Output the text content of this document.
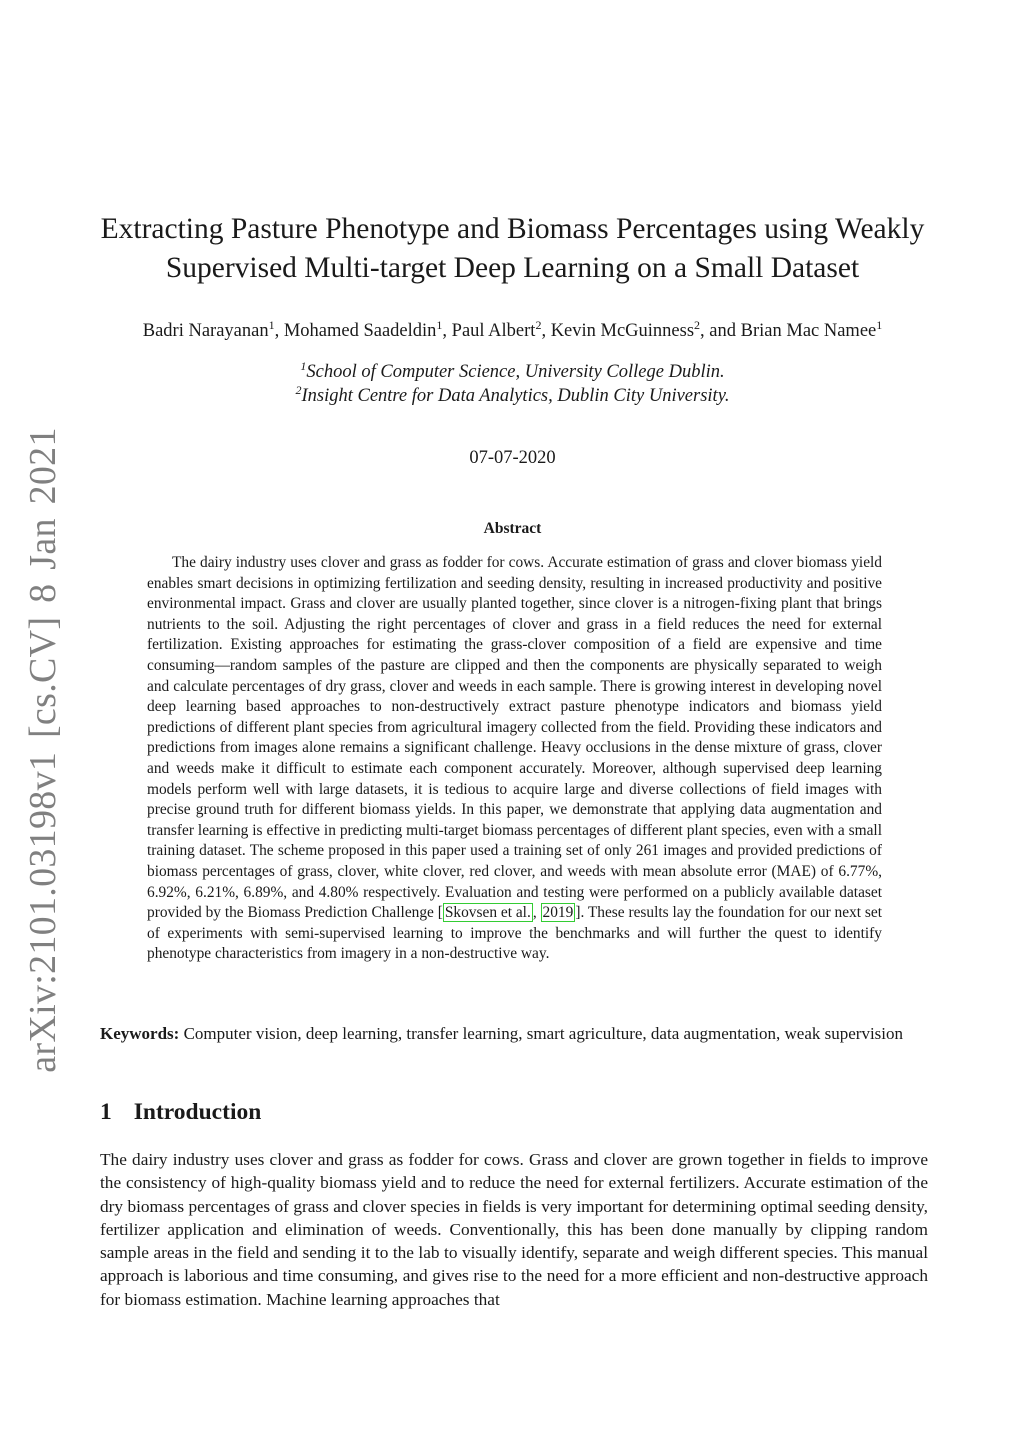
arXiv:2101.03198v1 [cs.CV] 8 Jan 2021
Extracting Pasture Phenotype and Biomass Percentages using Weakly Supervised Multi-target Deep Learning on a Small Dataset

Badri Narayanan$^1$, Mohamed Saadeldin$^1$, Paul Albert$^2$, Kevin McGuinness$^2$, and Brian Mac Namee$^1$

$^1$School of Computer Science, University College Dublin.

$^2$Insight Centre for Data Analytics, Dublin City University.

07-07-2020

Abstract

The dairy industry uses clover and grass as fodder for cows. Accurate estimation of grass and clover biomass yield enables smart decisions in optimizing fertilization and seeding density, resulting in increased productivity and positive environmental impact. Grass and clover are usually planted together, since clover is a nitrogen-fixing plant that brings nutrients to the soil. Adjusting the right percentages of clover and grass in a field reduces the need for external fertilization. Existing approaches for estimating the grass-clover composition of a field are expensive and time consuming—random samples of the pasture are clipped and then the components are physically separated to weigh and calculate percentages of dry grass, clover and weeds in each sample. There is growing interest in developing novel deep learning based approaches to non-destructively extract pasture phenotype indicators and biomass yield predictions of different plant species from agricultural imagery collected from the field. Providing these indicators and predictions from images alone remains a significant challenge. Heavy occlusions in the dense mixture of grass, clover and weeds make it difficult to estimate each component accurately. Moreover, although supervised deep learning models perform well with large datasets, it is tedious to acquire large and diverse collections of field images with precise ground truth for different biomass yields. In this paper, we demonstrate that applying data augmentation and transfer learning is effective in predicting multi-target biomass percentages of different plant species, even with a small training dataset. The scheme proposed in this paper used a training set of only 261 images and provided predictions of biomass percentages of grass, clover, white clover, red clover, and weeds with mean absolute error (MAE) of 6.77%, 6.92%, 6.21%, 6.89%, and 4.80% respectively. Evaluation and testing were performed on a publicly available dataset provided by the Biomass Prediction Challenge [ Skovsen et al. , 2019 ]. These results lay the foundation for our next set of experiments with semi-supervised learning to improve the benchmarks and will further the quest to identify phenotype characteristics from imagery in a non-destructive way.

Keywords: Computer vision, deep learning, transfer learning, smart agriculture, data augmentation, weak supervision

1 Introduction

The dairy industry uses clover and grass as fodder for cows. Grass and clover are grown together in fields to improve the consistency of high-quality biomass yield and to reduce the need for external fertilizers. Accurate estimation of the dry biomass percentages of grass and clover species in fields is very important for determining optimal seeding density, fertilizer application and elimination of weeds. Conventionally, this has been done manually by clipping random sample areas in the field and sending it to the lab to visually identify, separate and weigh different species. This manual approach is laborious and time consuming, and gives rise to the need for a more efficient and non-destructive approach for biomass estimation. Machine learning approaches that
